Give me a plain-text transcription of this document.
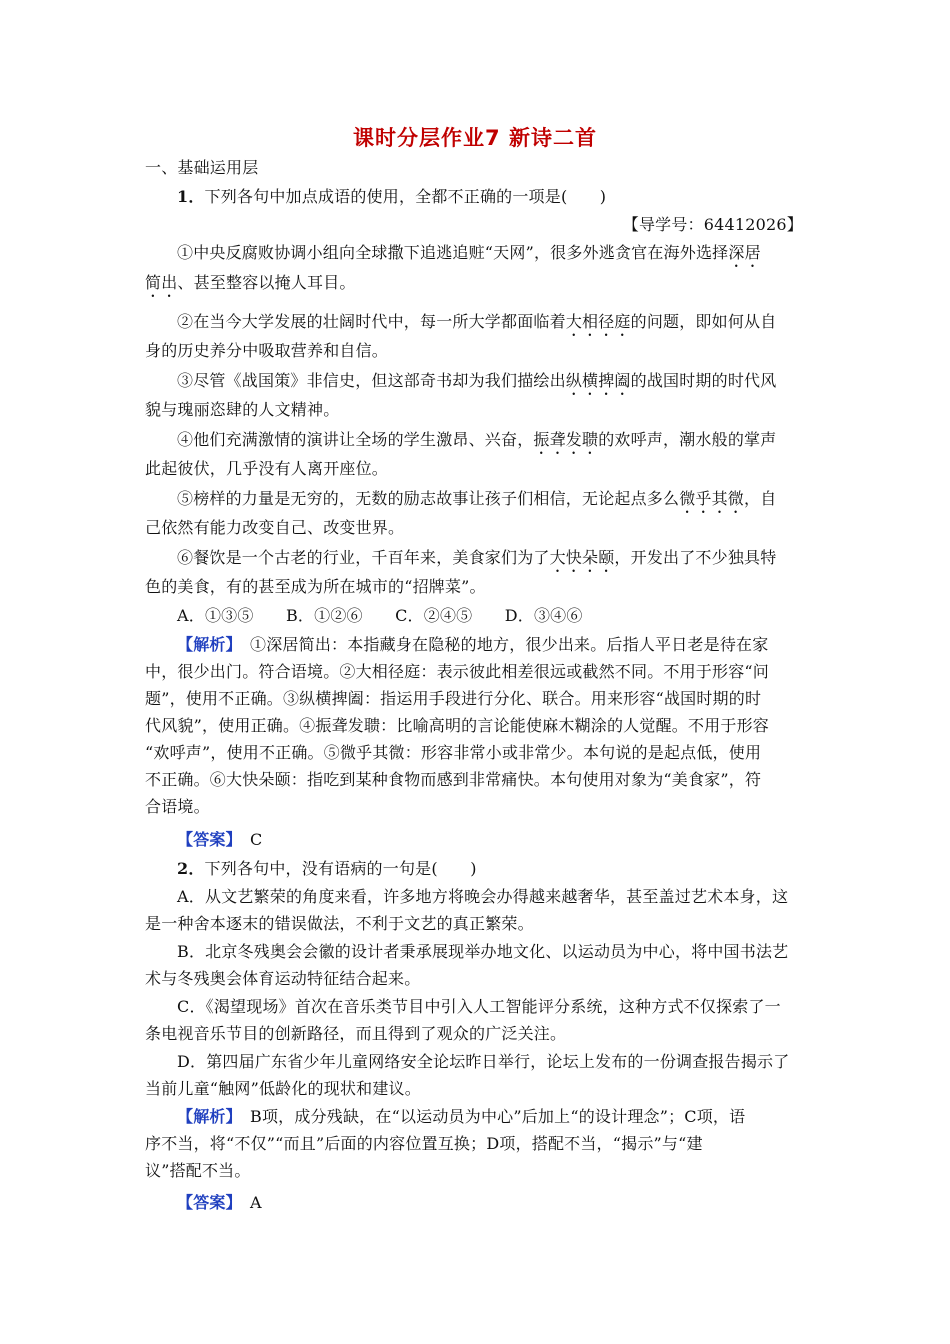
课时分层作业7 新诗二首
一、基础运用层
1．下列各句中加点成语的使用，全都不正确的一项是(　　)
【导学号：64412026】
①中央反腐败协调小组向全球撒下追逃追赃“天网”，很多外逃贪官在海外选择深居
简出、甚至整容以掩人耳目。
②在当今大学发展的壮阔时代中，每一所大学都面临着大相径庭的问题，即如何从自
身的历史养分中吸取营养和自信。
③尽管《战国策》非信史，但这部奇书却为我们描绘出纵横捭阖的战国时期的时代风
貌与瑰丽恣肆的人文精神。
④他们充满激情的演讲让全场的学生激昂、兴奋，振聋发聩的欢呼声，潮水般的掌声
此起彼伏，几乎没有人离开座位。
⑤榜样的力量是无穷的，无数的励志故事让孩子们相信，无论起点多么微乎其微，自
己依然有能力改变自己、改变世界。
⑥餐饮是一个古老的行业，千百年来，美食家们为了大快朵颐，开发出了不少独具特
色的美食，有的甚至成为所在城市的“招牌菜”。
A．①③⑤　　B．①②⑥　　C．②④⑤　　D．③④⑥
【解析】　 ①深居简出：本指藏身在隐秘的地方，很少出来。后指人平日老是待在家
中，很少出门。符合语境。②大相径庭：表示彼此相差很远或截然不同。不用于形容“问
题”，使用不正确。③纵横捭阖：指运用手段进行分化、联合。用来形容“战国时期的时
代风貌”，使用正确。④振聋发聩：比喻高明的言论能使麻木糊涂的人觉醒。不用于形容
“欢呼声”，使用不正确。⑤微乎其微：形容非常小或非常少。本句说的是起点低，使用
不正确。⑥大快朵颐：指吃到某种食物而感到非常痛快。本句使用对象为“美食家”，符
合语境。
【答案】　 C
2．下列各句中，没有语病的一句是(　　)
A．从文艺繁荣的角度来看，许多地方将晚会办得越来越奢华，甚至盖过艺术本身，这
是一种舍本逐末的错误做法，不利于文艺的真正繁荣。
B．北京冬残奥会会徽的设计者秉承展现举办地文化、以运动员为中心，将中国书法艺
术与冬残奥会体育运动特征结合起来。
C．《渴望现场》首次在音乐类节目中引入人工智能评分系统，这种方式不仅探索了一
条电视音乐节目的创新路径，而且得到了观众的广泛关注。
D．第四届广东省少年儿童网络安全论坛昨日举行，论坛上发布的一份调查报告揭示了
当前儿童“触网”低龄化的现状和建议。
【解析】　 B项，成分残缺，在“以运动员为中心”后加上“的设计理念”；C项，语
序不当，将“不仅”“而且”后面的内容位置互换；D项，搭配不当，“揭示”与“建
议”搭配不当。
【答案】　 A
